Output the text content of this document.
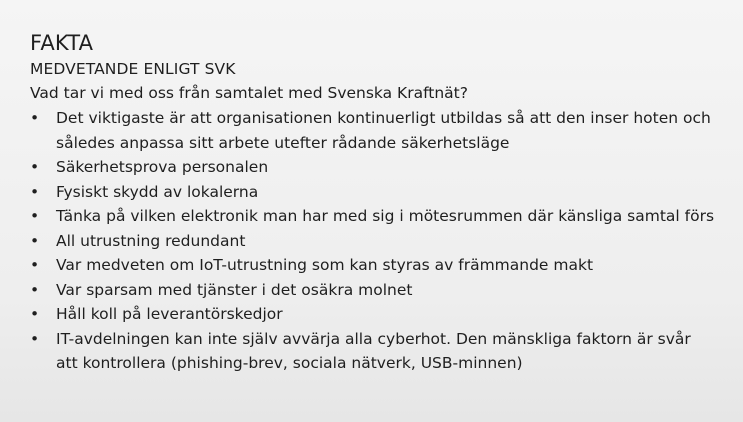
FAKTA
MEDVETANDE ENLIGT SVK
Vad tar vi med oss från samtalet med Svenska Kraftnät?
•	Det viktigaste är att organisationen kontinuerligt utbildas så att den inser hoten och således anpassa sitt arbete utefter rådande säkerhetsläge
•	Säkerhetsprova personalen
•	Fysiskt skydd av lokalerna
•	Tänka på vilken elektronik man har med sig i mötesrummen där känsliga samtal förs
•	All utrustning redundant
•	Var medveten om IoT-utrustning som kan styras av främmande makt
•	Var sparsam med tjänster i det osäkra molnet
•	Håll koll på leverantörskedjor
•	IT-avdelningen kan inte själv avvärja alla cyberhot. Den mänskliga faktorn är svår att kontrollera (phishing-brev, sociala nätverk, USB-minnen)
